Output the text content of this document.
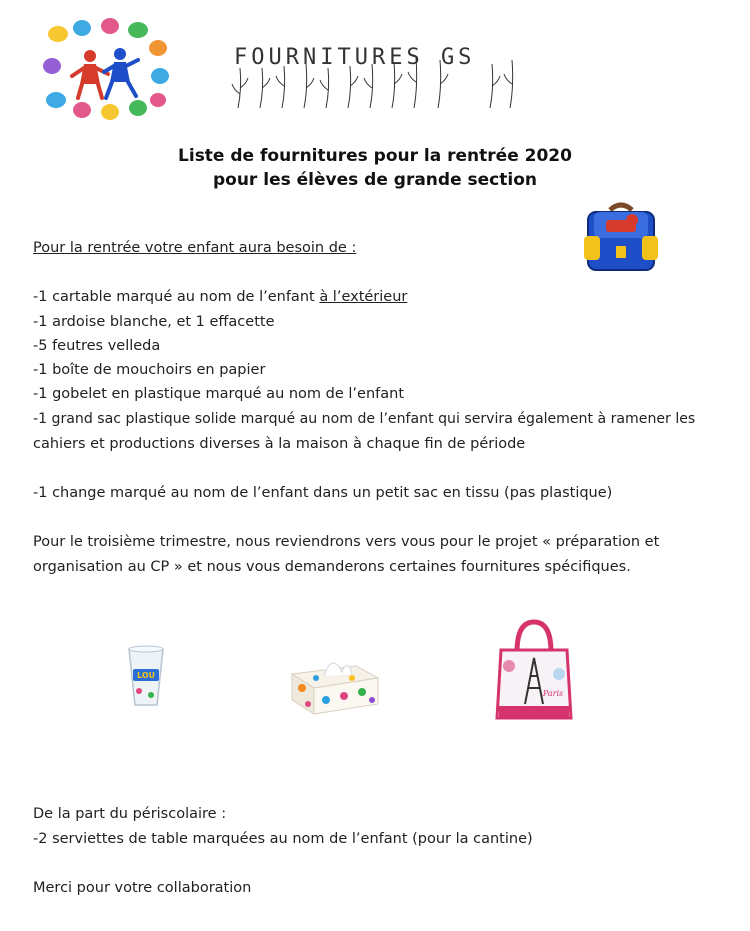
FOURNITURES GS
Liste de fournitures pour la rentrée 2020
pour les élèves de grande section
Pour la rentrée votre enfant aura besoin de :
-1 cartable marqué au nom de l’enfant à l’extérieur
-1 ardoise blanche, et 1 effacette
-5 feutres velleda
-1 boîte de mouchoirs en papier
-1 gobelet en plastique marqué au nom de l’enfant
-1 grand sac plastique solide marqué au nom de l’enfant qui servira également à ramener les
cahiers et productions diverses à la maison à chaque fin de période
-1 change marqué au nom de l’enfant dans un petit sac en tissu (pas plastique)
Pour le troisième trimestre, nous reviendrons vers vous pour le projet « préparation et
organisation au CP » et nous vous demanderons certaines fournitures spécifiques.
LOU
Paris
De la part du périscolaire :
-2 serviettes de table marquées au nom de l’enfant (pour la cantine)
Merci pour votre collaboration
